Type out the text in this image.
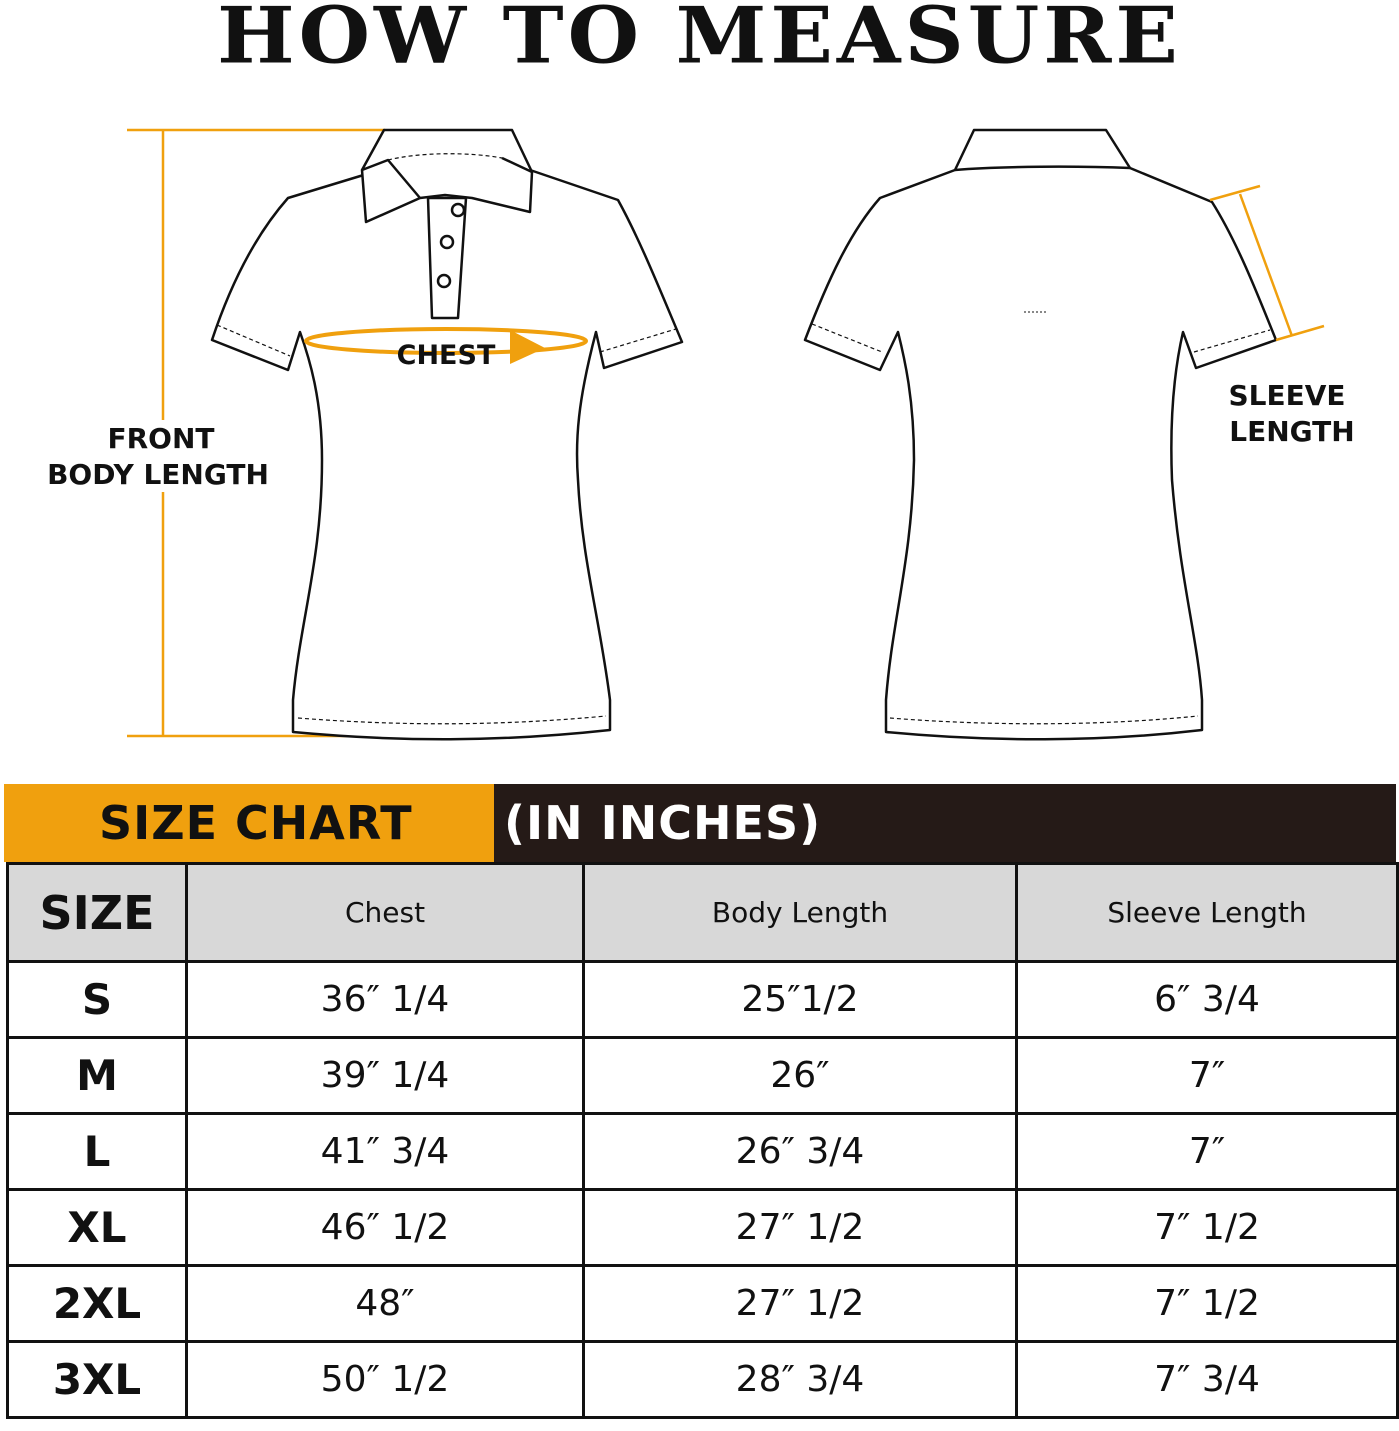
HOW TO MEASURE
CHEST
FRONT
BODY LENGTH
SLEEVE
LENGTH
SIZE CHART (IN INCHES)
SIZE	Chest	Body Length	Sleeve Length
S	36″ 1/4	25″1/2	6″ 3/4
M	39″ 1/4	26″	7″
L	41″ 3/4	26″ 3/4	7″
XL	46″ 1/2	27″ 1/2	7″ 1/2
2XL	48″	27″ 1/2	7″ 1/2
3XL	50″ 1/2	28″ 3/4	7″ 3/4
